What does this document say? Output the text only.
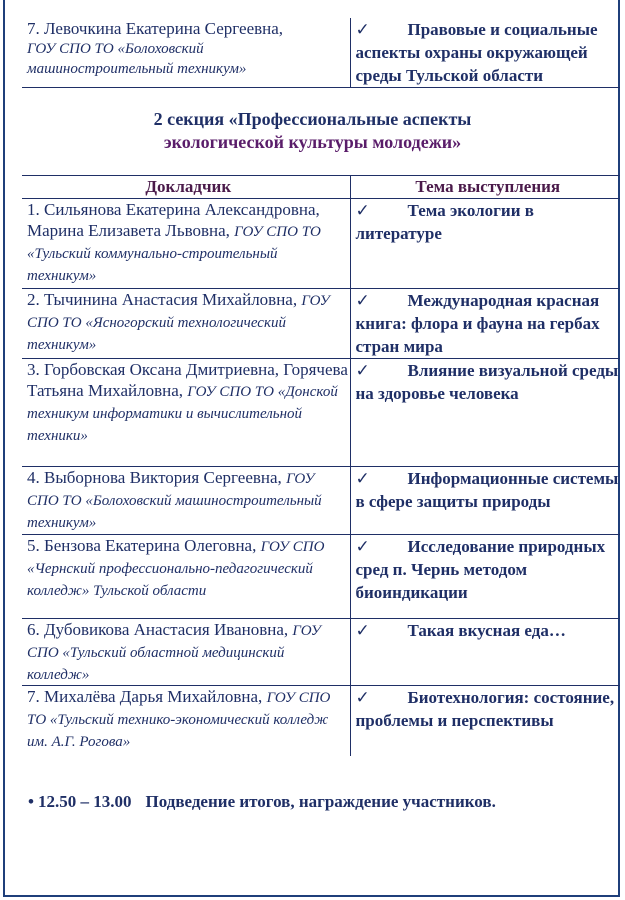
7. Левочкина Екатерина Сергеевна,
ГОУ СПО ТО «Болоховский машиностроительный техникум»
	✓ Правовые и социальные аспекты охраны окружающей среды Тульской области
2 секция «Профессиональные аспекты
экологической культуры молодежи»
Докладчик	Тема выступления

1. Сильянова Екатерина Александровна, Марина Елизавета Львовна, ГОУ СПО ТО «Тульский коммунально-строительный техникум»	✓ Тема экологии в литературе

2. Тычинина Анастасия Михайловна, ГОУ СПО ТО «Ясногорский технологический техникум»	✓ Международная красная книга: флора и фауна на гербах стран мира

3. Горбовская Оксана Дмитриевна, Горячева Татьяна Михайловна, ГОУ СПО ТО «Донской техникум информатики и вычислительной техники»	✓ Влияние визуальной среды на здоровье человека

4. Выборнова Виктория Сергеевна, ГОУ СПО ТО «Болоховский машиностроительный техникум»	✓ Информационные системы в сфере защиты природы

5. Бензова Екатерина Олеговна, ГОУ СПО «Чернский профессионально-педагогический колледж» Тульской области	✓ Исследование природных сред п. Чернь методом биоиндикации

6. Дубовикова Анастасия Ивановна, ГОУ СПО «Тульский областной медицинский колледж»	✓ Такая вкусная еда…

7. Михалёва Дарья Михайловна, ГОУ СПО ТО «Тульский технико-экономический колледж им. А.Г. Рогова»	✓ Биотехнология: состояние, проблемы и перспективы
• 12.50 – 13.00 Подведение итогов, награждение участников.
